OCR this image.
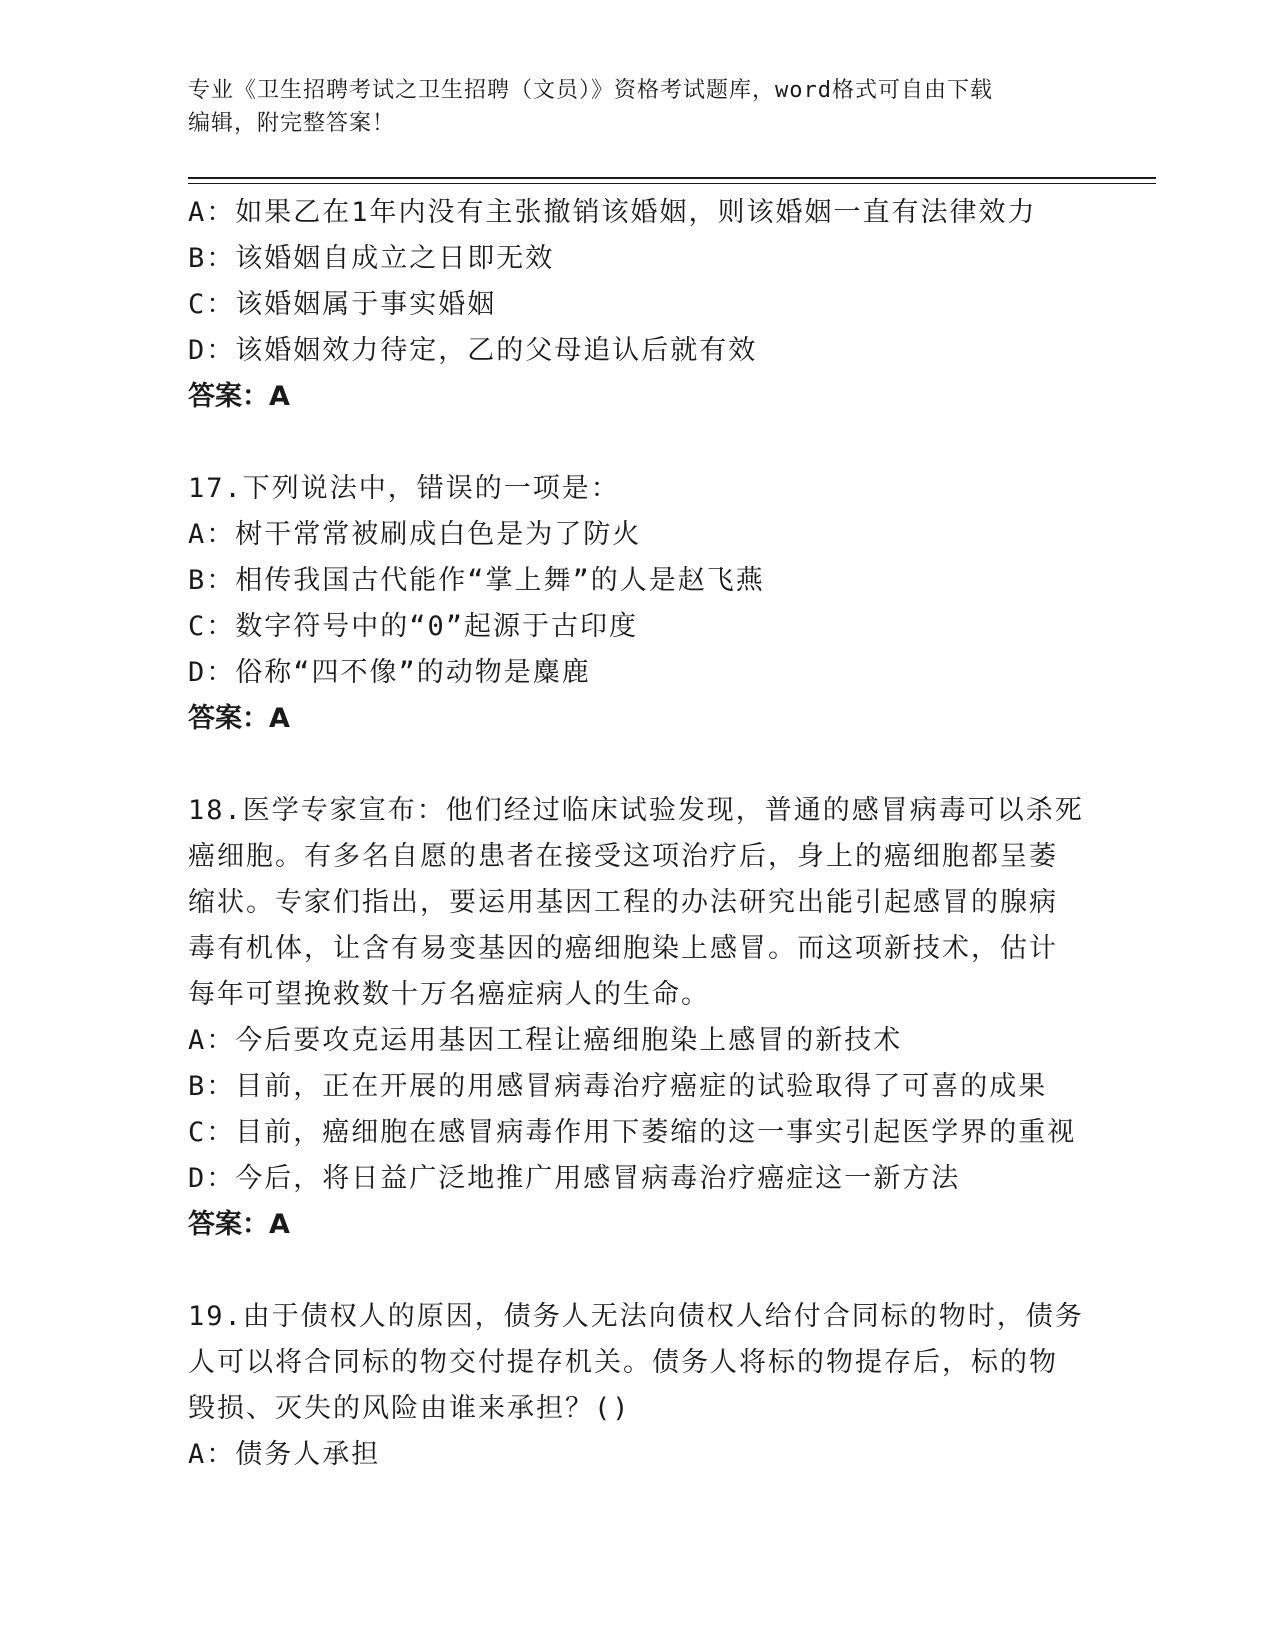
专业《卫生招聘考试之卫生招聘（文员）》资格考试题库，word格式可自由下载
编辑，附完整答案！
A：如果乙在1年内没有主张撤销该婚姻，则该婚姻一直有法律效力
B：该婚姻自成立之日即无效
C：该婚姻属于事实婚姻
D：该婚姻效力待定，乙的父母追认后就有效
答案：A
17.下列说法中，错误的一项是：
A：树干常常被刷成白色是为了防火
B：相传我国古代能作“掌上舞”的人是赵飞燕
C：数字符号中的“0”起源于古印度
D：俗称“四不像”的动物是麋鹿
答案：A
18.医学专家宣布：他们经过临床试验发现，普通的感冒病毒可以杀死
癌细胞。有多名自愿的患者在接受这项治疗后，身上的癌细胞都呈萎
缩状。专家们指出，要运用基因工程的办法研究出能引起感冒的腺病
毒有机体，让含有易变基因的癌细胞染上感冒。而这项新技术，估计
每年可望挽救数十万名癌症病人的生命。
A：今后要攻克运用基因工程让癌细胞染上感冒的新技术
B：目前，正在开展的用感冒病毒治疗癌症的试验取得了可喜的成果
C：目前，癌细胞在感冒病毒作用下萎缩的这一事实引起医学界的重视
D：今后，将日益广泛地推广用感冒病毒治疗癌症这一新方法
答案：A
19.由于债权人的原因，债务人无法向债权人给付合同标的物时，债务
人可以将合同标的物交付提存机关。债务人将标的物提存后，标的物
毁损、灭失的风险由谁来承担？()
A：债务人承担
